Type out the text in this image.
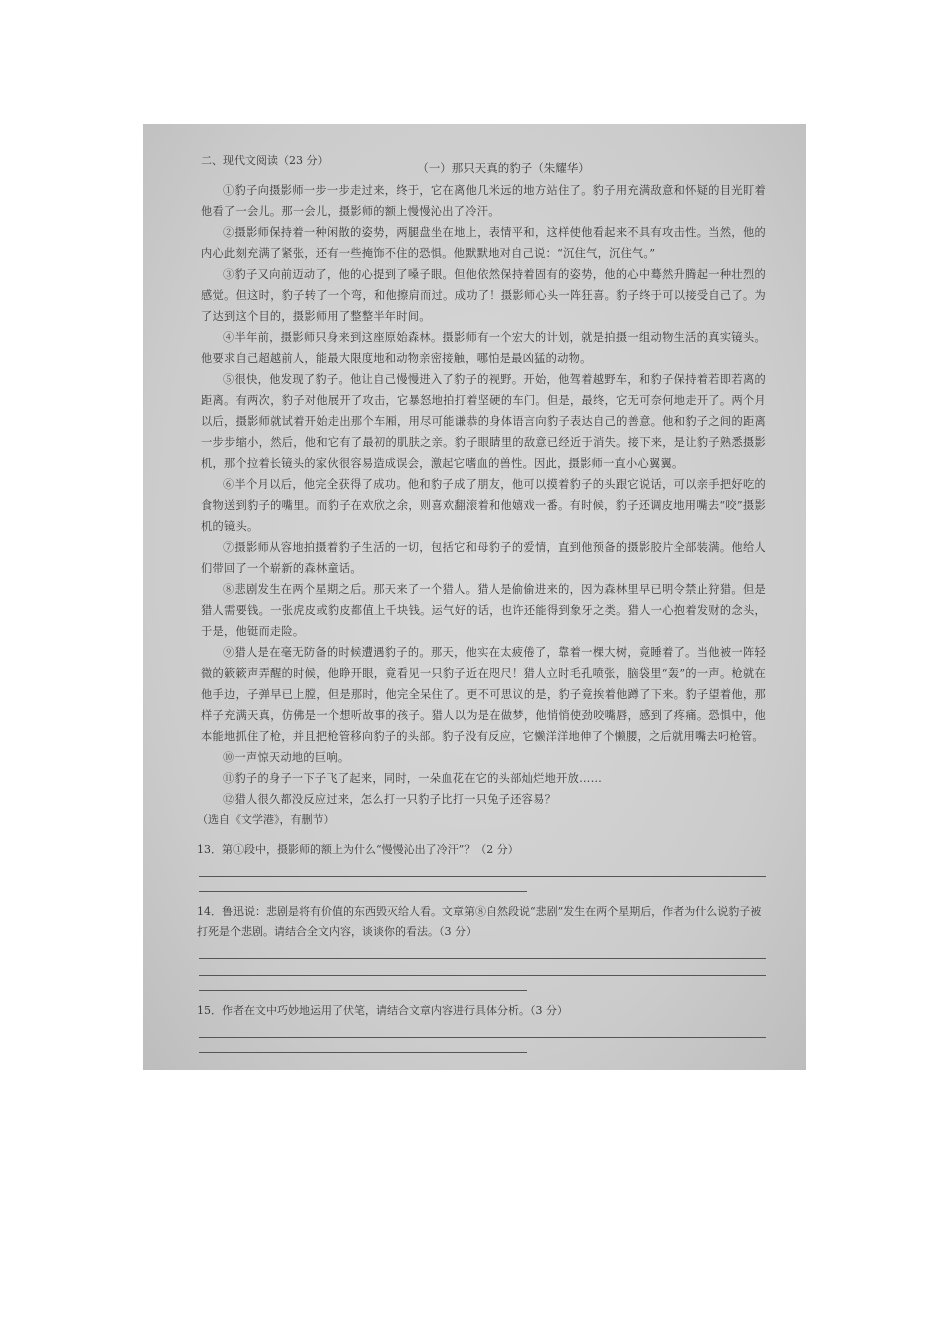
二、现代文阅读（23 分）
（一）那只天真的豹子（朱耀华）

①豹子向摄影师一步一步走过来，终于，它在离他几米远的地方站住了。豹子用充满敌意和怀疑的目光盯着他看了一会儿。那一会儿，摄影师的额上慢慢沁出了冷汗。

②摄影师保持着一种闲散的姿势，两腿盘坐在地上，表情平和，这样使他看起来不具有攻击性。当然，他的内心此刻充满了紧张，还有一些掩饰不住的恐惧。他默默地对自己说：“沉住气，沉住气。”

③豹子又向前迈动了，他的心提到了嗓子眼。但他依然保持着固有的姿势，他的心中蓦然升腾起一种壮烈的感觉。但这时，豹子转了一个弯，和他擦肩而过。成功了！摄影师心头一阵狂喜。豹子终于可以接受自己了。为了达到这个目的，摄影师用了整整半年时间。

④半年前，摄影师只身来到这座原始森林。摄影师有一个宏大的计划，就是拍摄一组动物生活的真实镜头。他要求自己超越前人，能最大限度地和动物亲密接触，哪怕是最凶猛的动物。

⑤很快，他发现了豹子。他让自己慢慢进入了豹子的视野。开始，他驾着越野车，和豹子保持着若即若离的距离。有两次，豹子对他展开了攻击，它暴怒地拍打着坚硬的车门。但是，最终，它无可奈何地走开了。两个月以后，摄影师就试着开始走出那个车厢，用尽可能谦恭的身体语言向豹子表达自己的善意。他和豹子之间的距离一步步缩小，然后，他和它有了最初的肌肤之亲。豹子眼睛里的敌意已经近于消失。接下来，是让豹子熟悉摄影机，那个拉着长镜头的家伙很容易造成误会，激起它嗜血的兽性。因此，摄影师一直小心翼翼。

⑥半个月以后，他完全获得了成功。他和豹子成了朋友，他可以摸着豹子的头跟它说话，可以亲手把好吃的食物送到豹子的嘴里。而豹子在欢欣之余，则喜欢翻滚着和他嬉戏一番。有时候，豹子还调皮地用嘴去“咬”摄影机的镜头。

⑦摄影师从容地拍摄着豹子生活的一切，包括它和母豹子的爱情，直到他预备的摄影胶片全部装满。他给人们带回了一个崭新的森林童话。

⑧悲剧发生在两个星期之后。那天来了一个猎人。猎人是偷偷进来的，因为森林里早已明令禁止狩猎。但是猎人需要钱。一张虎皮或豹皮都值上千块钱。运气好的话，也许还能得到象牙之类。猎人一心抱着发财的念头，于是，他铤而走险。

⑨猎人是在毫无防备的时候遭遇豹子的。那天，他实在太疲倦了，靠着一棵大树，竟睡着了。当他被一阵轻微的簌簌声弄醒的时候，他睁开眼，竟看见一只豹子近在咫尺！猎人立时毛孔喷张，脑袋里“轰”的一声。枪就在他手边，子弹早已上膛，但是那时，他完全呆住了。更不可思议的是，豹子竟挨着他蹲了下来。豹子望着他，那样子充满天真，仿佛是一个想听故事的孩子。猎人以为是在做梦，他悄悄使劲咬嘴唇，感到了疼痛。恐惧中，他本能地抓住了枪，并且把枪管移向豹子的头部。豹子没有反应，它懒洋洋地伸了个懒腰，之后就用嘴去叼枪管。

⑩一声惊天动地的巨响。

⑪豹子的身子一下子飞了起来，同时，一朵血花在它的头部灿烂地开放……

⑫猎人很久都没反应过来，怎么打一只豹子比打一只兔子还容易？

（选自《文学港》，有删节）

13．第①段中，摄影师的额上为什么“慢慢沁出了冷汗”？（2 分）

14．鲁迅说：悲剧是将有价值的东西毁灭给人看。文章第⑧自然段说“悲剧”发生在两个星期后，作者为什么说豹子被打死是个悲剧。请结合全文内容，谈谈你的看法。（3 分）

15．作者在文中巧妙地运用了伏笔，请结合文章内容进行具体分析。（3 分）
